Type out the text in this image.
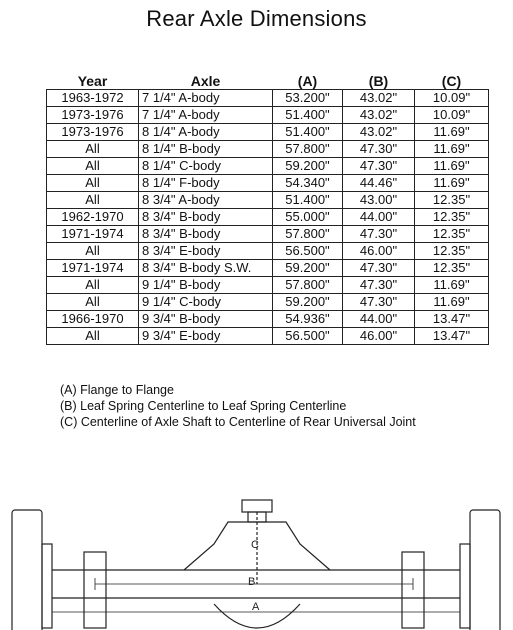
Rear Axle Dimensions
Year	Axle	(A)	(B)	(C)
1963-1972	7 1/4" A-body	53.200"	43.02"	10.09"
1973-1976	7 1/4" A-body	51.400"	43.02"	10.09"
1973-1976	8 1/4" A-body	51.400"	43.02"	11.69"
All	8 1/4" B-body	57.800"	47.30"	11.69"
All	8 1/4" C-body	59.200"	47.30"	11.69"
All	8 1/4" F-body	54.340"	44.46"	11.69"
All	8 3/4" A-body	51.400"	43.00"	12.35"
1962-1970	8 3/4" B-body	55.000"	44.00"	12.35"
1971-1974	8 3/4" B-body	57.800"	47.30"	12.35"
All	8 3/4" E-body	56.500"	46.00"	12.35"
1971-1974	8 3/4" B-body S.W.	59.200"	47.30"	12.35"
All	9 1/4" B-body	57.800"	47.30"	11.69"
All	9 1/4" C-body	59.200"	47.30"	11.69"
1966-1970	9 3/4" B-body	54.936"	44.00"	13.47"
All	9 3/4" E-body	56.500"	46.00"	13.47"
(A) Flange to Flange
(B) Leaf Spring Centerline to Leaf Spring Centerline
(C) Centerline of Axle Shaft to Centerline of Rear Universal Joint
C
B
A
